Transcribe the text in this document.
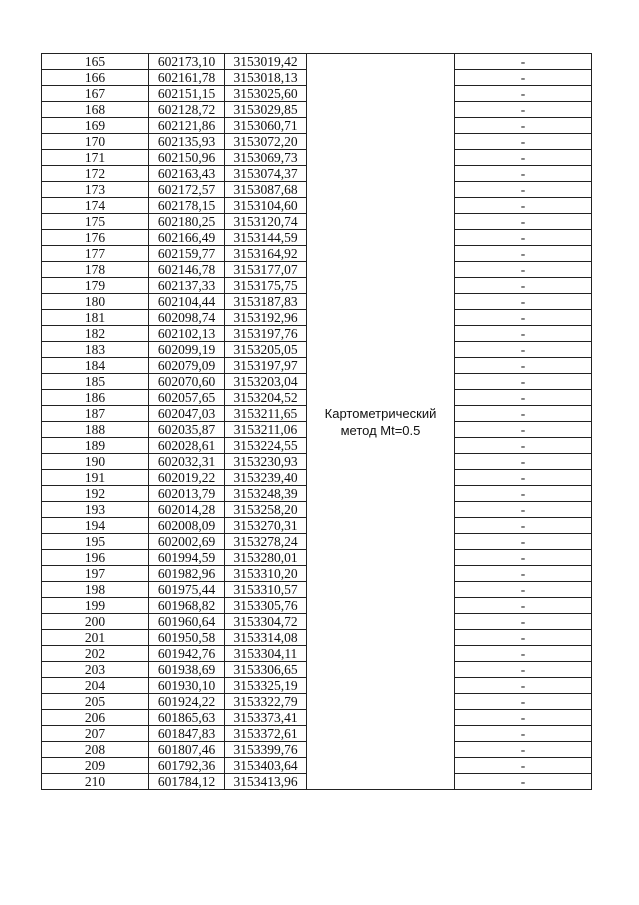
165	602173,10	3153019,42	Картометрический
метод Mt=0.5	-
166	602161,78	3153018,13		-
167	602151,15	3153025,60		-
168	602128,72	3153029,85		-
169	602121,86	3153060,71		-
170	602135,93	3153072,20		-
171	602150,96	3153069,73		-
172	602163,43	3153074,37		-
173	602172,57	3153087,68		-
174	602178,15	3153104,60		-
175	602180,25	3153120,74		-
176	602166,49	3153144,59		-
177	602159,77	3153164,92		-
178	602146,78	3153177,07		-
179	602137,33	3153175,75		-
180	602104,44	3153187,83		-
181	602098,74	3153192,96		-
182	602102,13	3153197,76		-
183	602099,19	3153205,05		-
184	602079,09	3153197,97		-
185	602070,60	3153203,04		-
186	602057,65	3153204,52		-
187	602047,03	3153211,65		-
188	602035,87	3153211,06		-
189	602028,61	3153224,55		-
190	602032,31	3153230,93		-
191	602019,22	3153239,40		-
192	602013,79	3153248,39		-
193	602014,28	3153258,20		-
194	602008,09	3153270,31		-
195	602002,69	3153278,24		-
196	601994,59	3153280,01		-
197	601982,96	3153310,20		-
198	601975,44	3153310,57		-
199	601968,82	3153305,76		-
200	601960,64	3153304,72		-
201	601950,58	3153314,08		-
202	601942,76	3153304,11		-
203	601938,69	3153306,65		-
204	601930,10	3153325,19		-
205	601924,22	3153322,79		-
206	601865,63	3153373,41		-
207	601847,83	3153372,61		-
208	601807,46	3153399,76		-
209	601792,36	3153403,64		-
210	601784,12	3153413,96		-
